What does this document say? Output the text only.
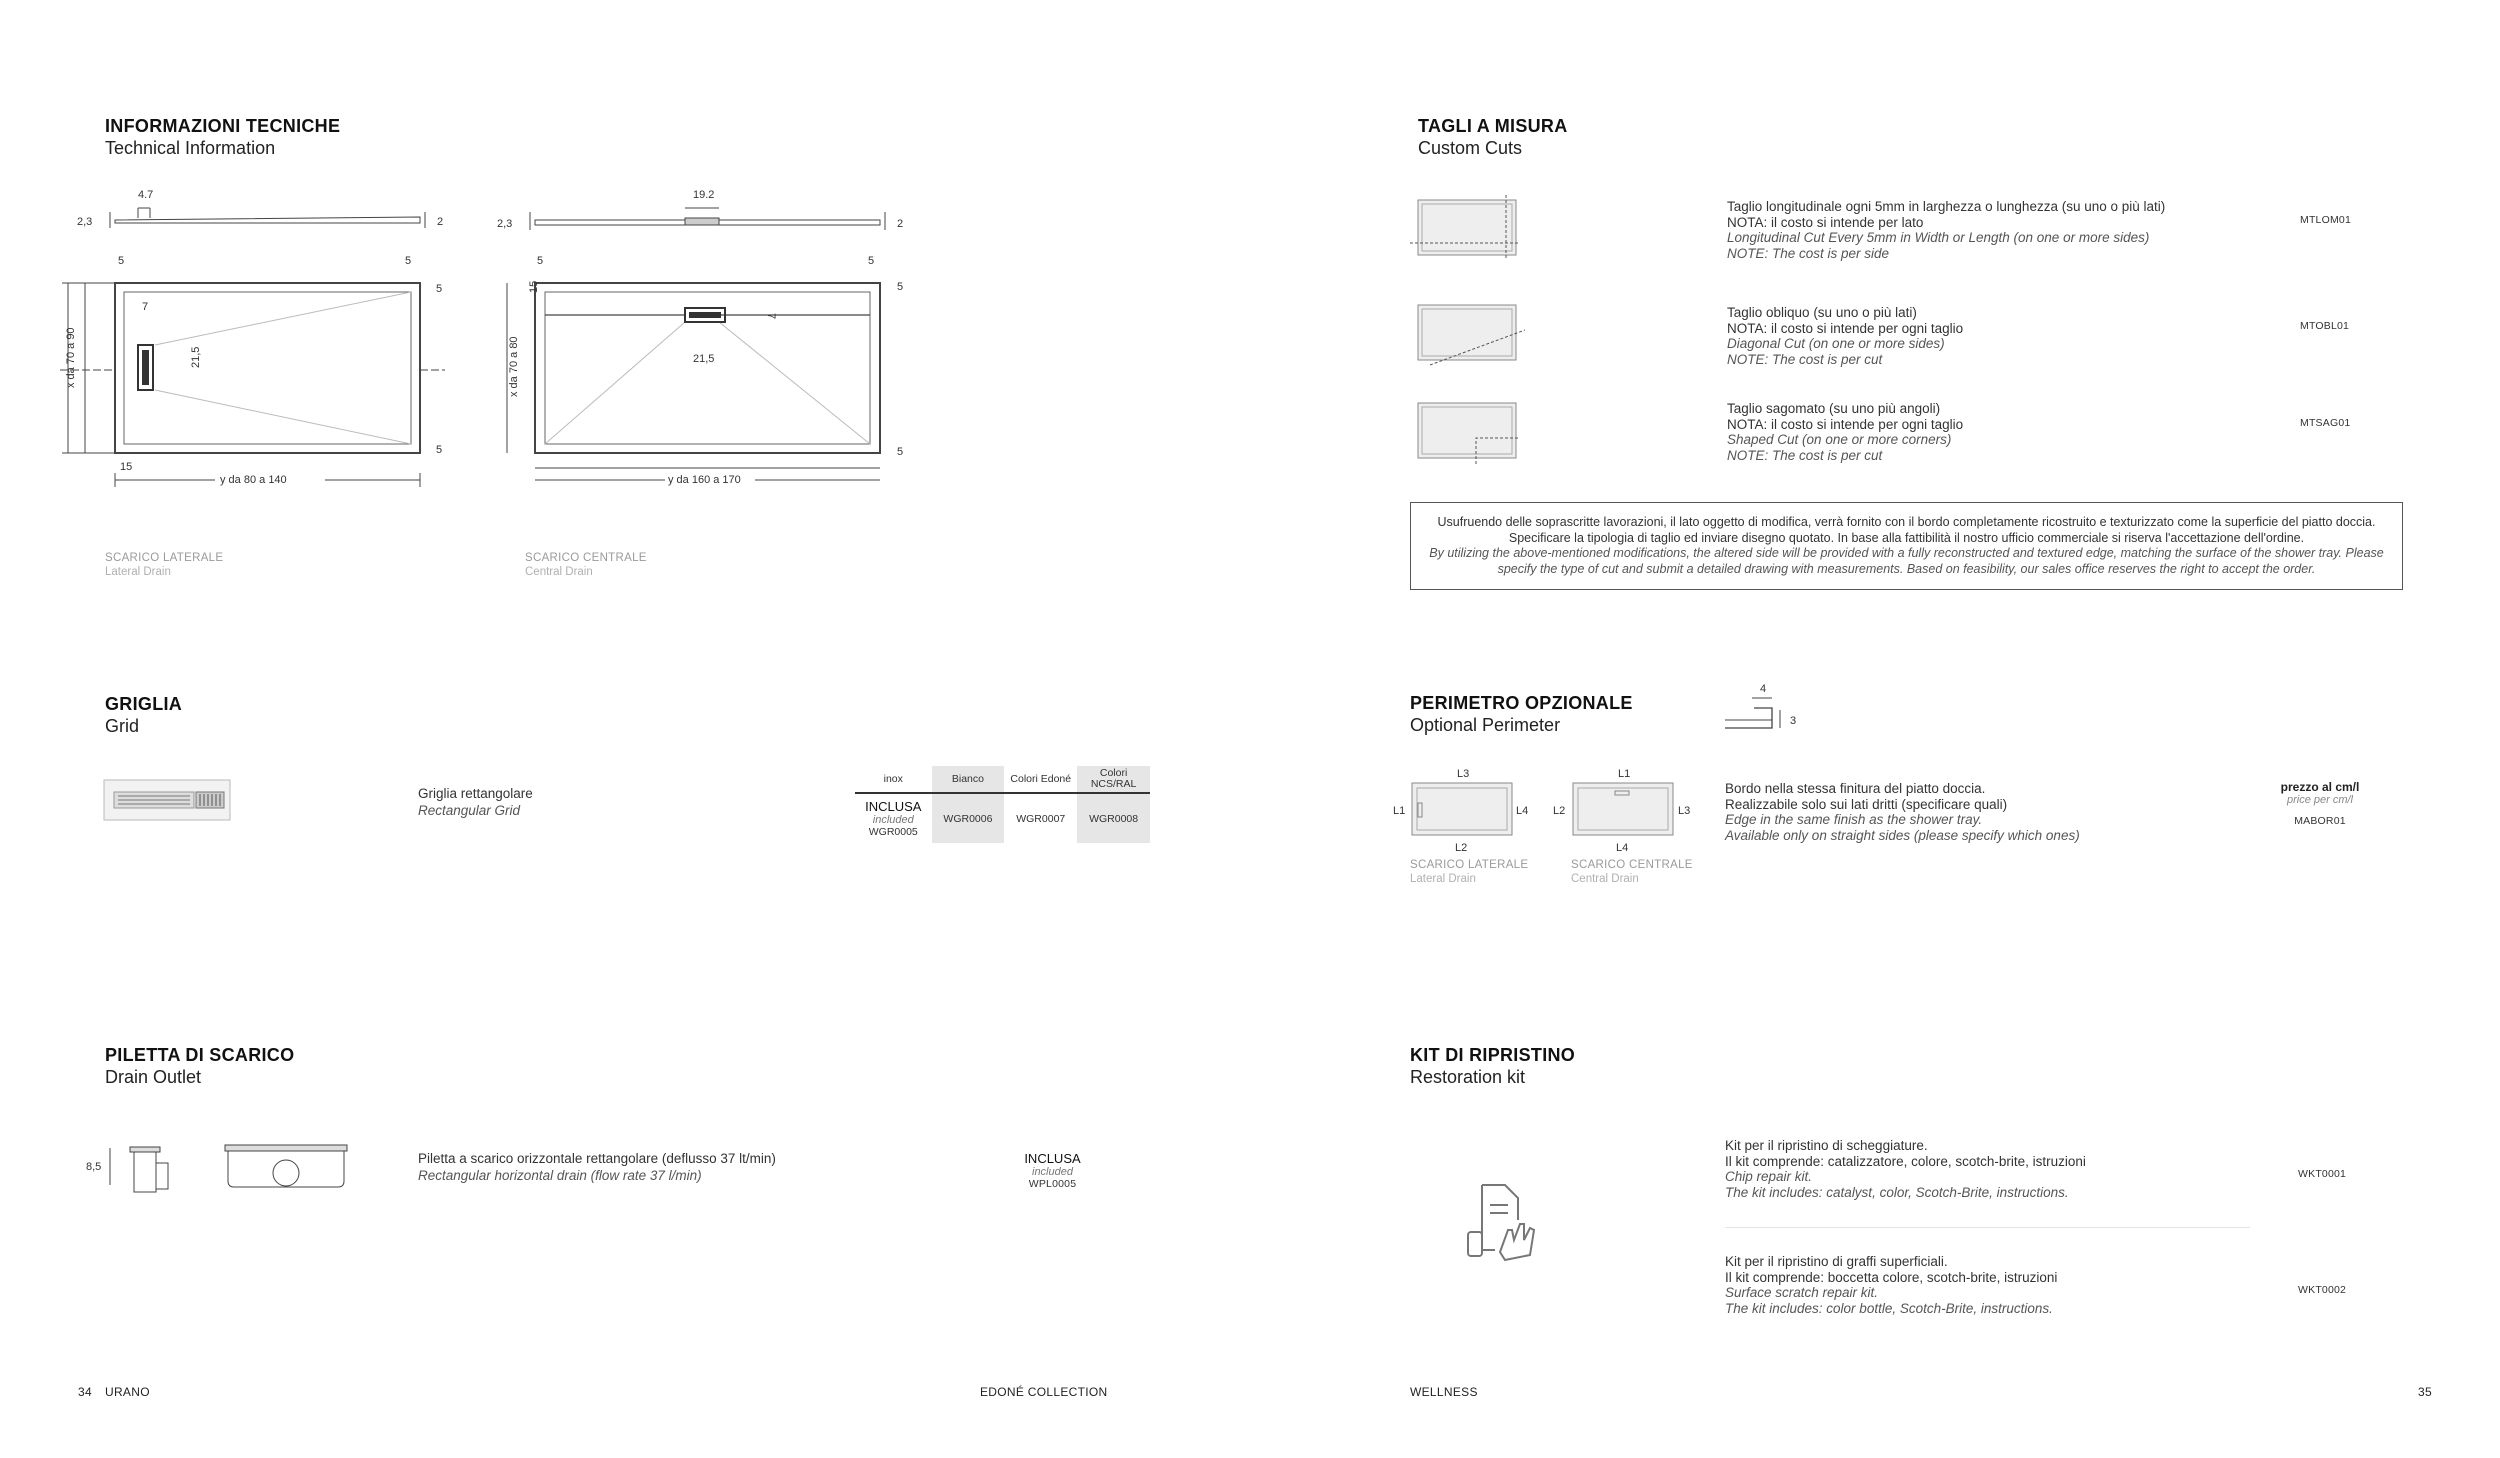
INFORMAZIONI TECNICHE
Technical Information
4.7
2,3	2
x da 70 a 90
5	5
5
7
21,5
15
5
y da 80 a 140
19.2
2,3	2
x da 70 a 80
15
5	5
5
7
21,5
5
y da 160 a 170
SCARICO LATERALE
Lateral Drain
SCARICO CENTRALE
Central Drain
TAGLI A MISURA
Custom Cuts
Taglio longitudinale ogni 5mm in larghezza o lunghezza (su uno o più lati)
NOTA: il costo si intende per lato
Longitudinal Cut Every 5mm in Width or Length (on one or more sides)
NOTE: The cost is per side
MTLOM01
Taglio obliquo (su uno o più lati)
NOTA: il costo si intende per ogni taglio
Diagonal Cut (on one or more sides)
NOTE: The cost is per cut
MTOBL01
Taglio sagomato (su uno più angoli)
NOTA: il costo si intende per ogni taglio
Shaped Cut (on one or more corners)
NOTE: The cost is per cut
MTSAG01
Usufruendo delle soprascritte lavorazioni, il lato oggetto di modifica, verrà fornito con il bordo completamente ricostruito e texturizzato come la superficie del piatto doccia. Specificare la tipologia di taglio ed inviare disegno quotato. In base alla fattibilità il nostro ufficio commerciale si riserva l'accettazione dell'ordine.
By utilizing the above-mentioned modifications, the altered side will be provided with a fully reconstructed and textured edge, matching the surface of the shower tray. Please specify the type of cut and submit a detailed drawing with measurements. Based on feasibility, our sales office reserves the right to accept the order.
GRIGLIA
Grid
Griglia rettangolare
Rectangular Grid
inox	Bianco	Colori Edoné	Colori NCS/RAL

INCLUSA
included
WGR0005	WGR0006	WGR0007	WGR0008
PERIMETRO OPZIONALE
Optional Perimeter
4
3
L3
L1	L4
L2
L1
L2	L3
L4
SCARICO LATERALE
Lateral Drain
SCARICO CENTRALE
Central Drain
Bordo nella stessa finitura del piatto doccia.
Realizzabile solo sui lati dritti (specificare quali)
Edge in the same finish as the shower tray.
Available only on straight sides (please specify which ones)
prezzo al cm/l
price per cm/l
MABOR01
PILETTA DI SCARICO
Drain Outlet
8,5
Piletta a scarico orizzontale rettangolare (deflusso 37 lt/min)
Rectangular horizontal drain (flow rate 37 l/min)
INCLUSA
included
WPL0005
KIT DI RIPRISTINO
Restoration kit
Kit per il ripristino di scheggiature.
Il kit comprende: catalizzatore, colore, scotch-brite, istruzioni
Chip repair kit.
The kit includes: catalyst, color, Scotch-Brite, instructions.
WKT0001
Kit per il ripristino di graffi superficiali.
Il kit comprende: boccetta colore, scotch-brite, istruzioni
Surface scratch repair kit.
The kit includes: color bottle, Scotch-Brite, instructions.
WKT0002
34 URANO	EDONÉ COLLECTION	WELLNESS	35
